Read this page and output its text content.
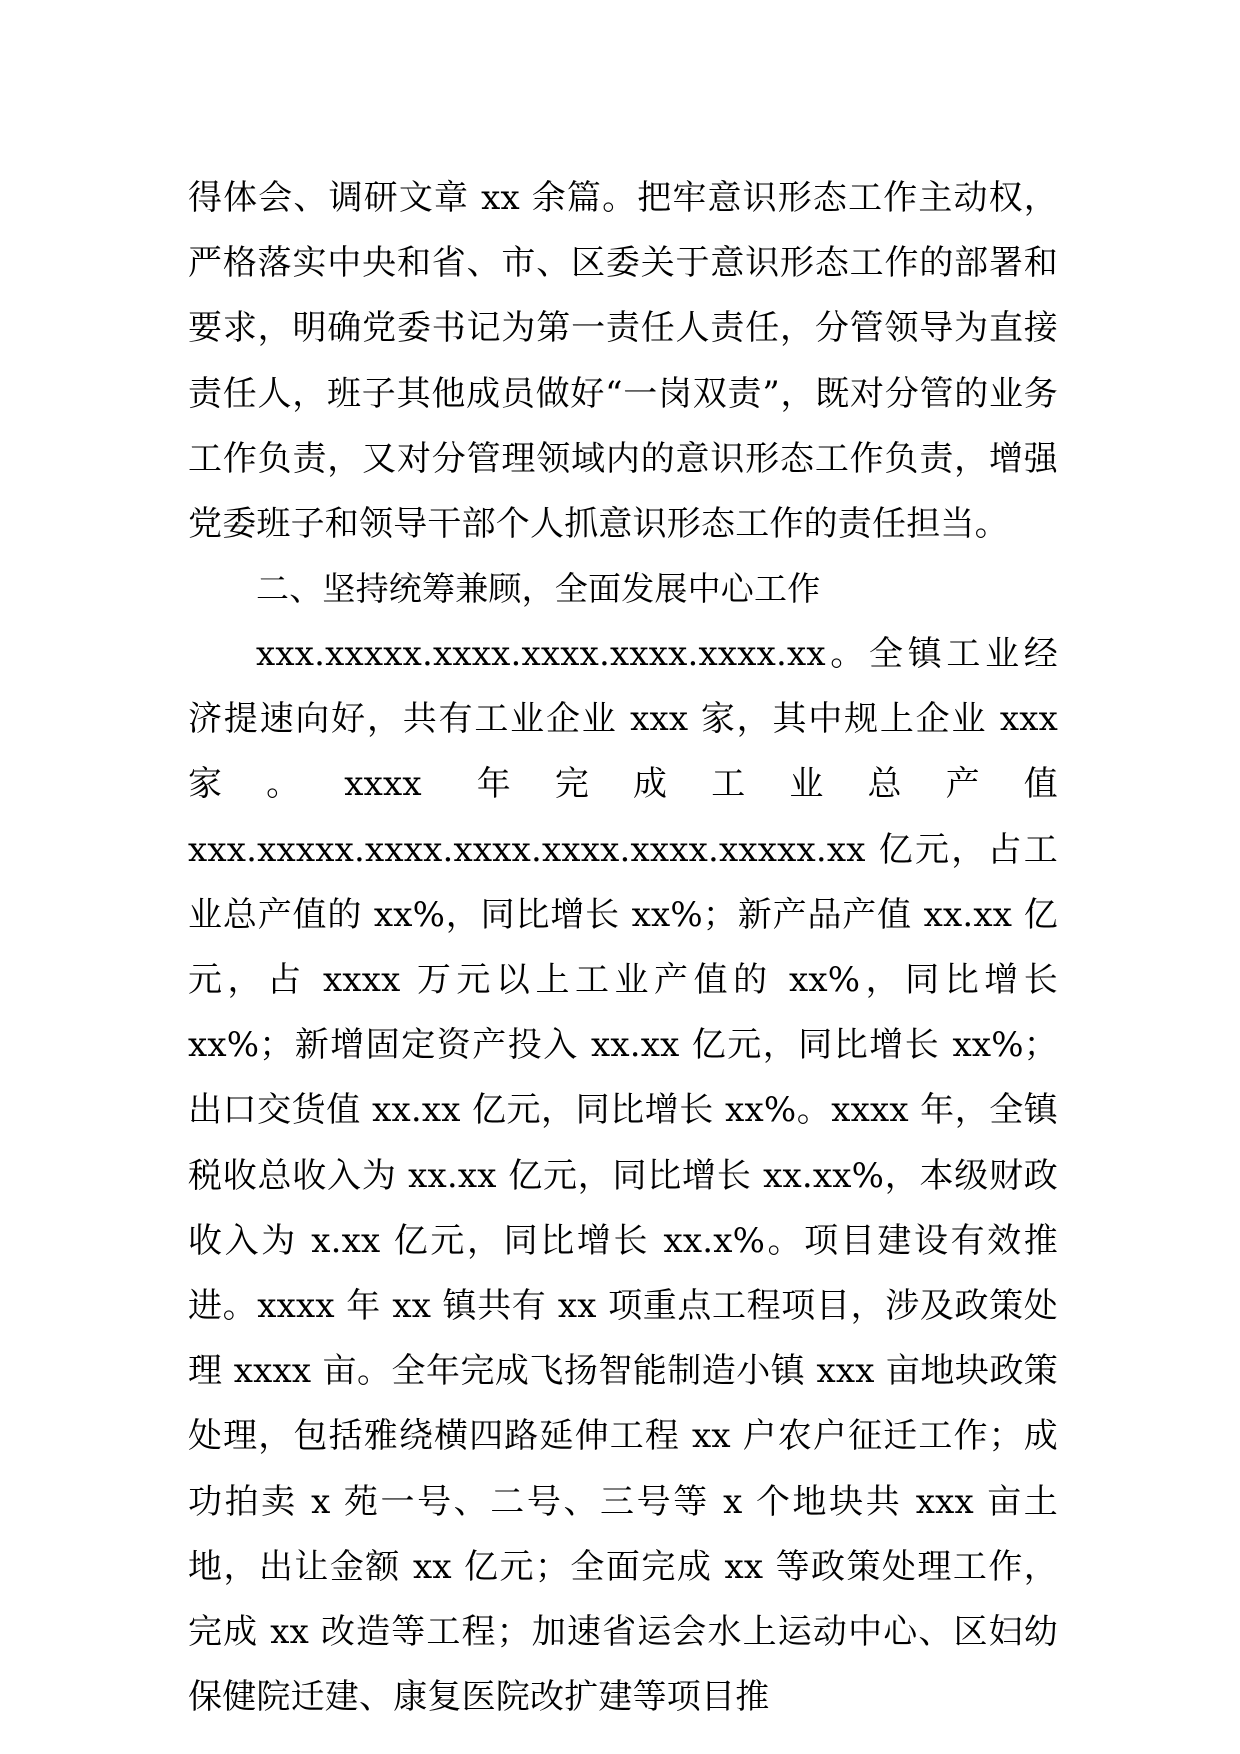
得体会、调研文章 xx 余篇。把牢意识形态工作主动权，严格落实中央和省、市、区委关于意识形态工作的部署和要求，明确党委书记为第一责任人责任，分管领导为直接责任人，班子其他成员做好“一岗双责”，既对分管的业务工作负责，又对分管理领域内的意识形态工作负责，增强党委班子和领导干部个人抓意识形态工作的责任担当。

二、坚持统筹兼顾，全面发展中心工作

xxx.xxxxx.xxxx.xxxx.xxxx.xxxx.xx。全镇工业经济提速向好，共有工业企业 xxx 家，其中规上企业 xxx 家。xxxx 年完成工业总产值 xxx.xxxxx.xxxx.xxxx.xxxx.xxxx.xxxxx.xx 亿元，占工业总产值的 xx%，同比增长 xx%；新产品产值 xx.xx 亿元，占 xxxx 万元以上工业产值的 xx%，同比增长 xx%；新增固定资产投入 xx.xx 亿元，同比增长 xx%；出口交货值 xx.xx 亿元，同比增长 xx%。xxxx 年，全镇税收总收入为 xx.xx 亿元，同比增长 xx.xx%，本级财政收入为 x.xx 亿元，同比增长 xx.x%。项目建设有效推进。xxxx 年 xx 镇共有 xx 项重点工程项目，涉及政策处理 xxxx 亩。全年完成飞扬智能制造小镇 xxx 亩地块政策处理，包括雅绕横四路延伸工程 xx 户农户征迁工作；成功拍卖 x 苑一号、二号、三号等 x 个地块共 xxx 亩土地，出让金额 xx 亿元；全面完成 xx 等政策处理工作，完成 xx 改造等工程；加速省运会水上运动中心、区妇幼保健院迁建、康复医院改扩建等项目推
